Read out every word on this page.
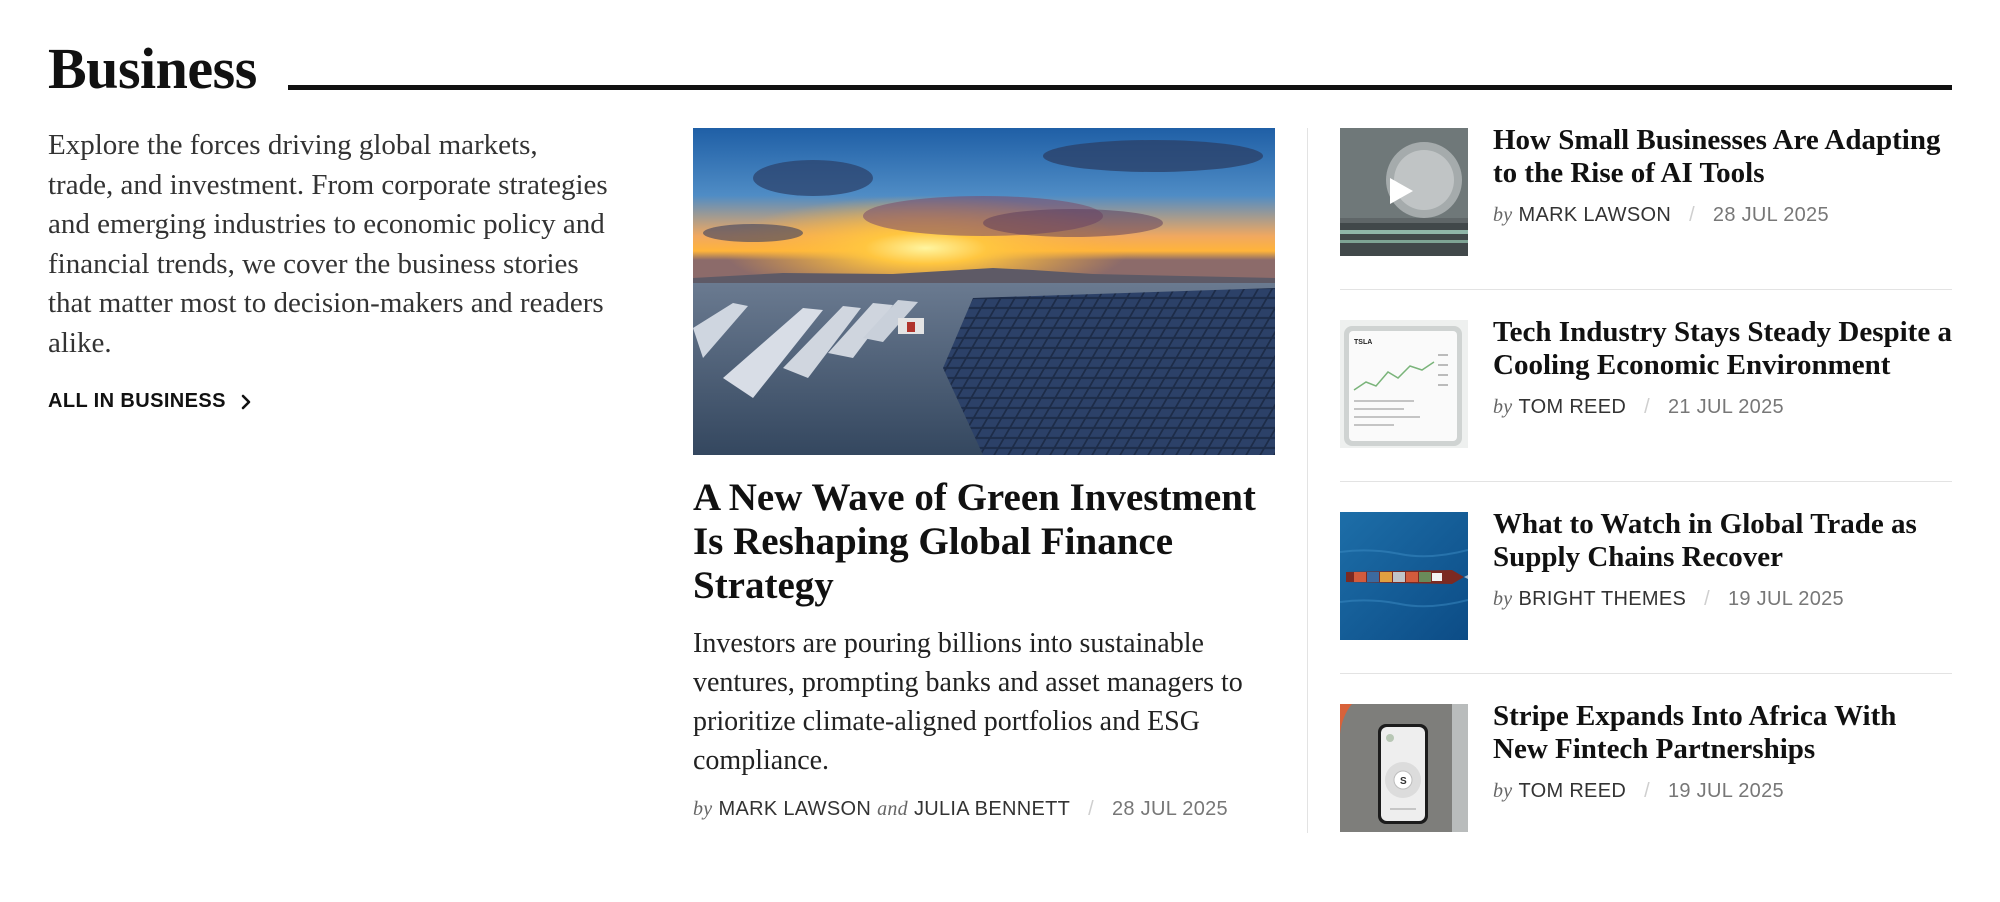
Business

Explore the forces driving global markets, trade, and investment. From corporate strategies and emerging industries to economic policy and financial trends, we cover the business stories that matter most to decision-makers and readers alike.

ALL IN BUSINESS
A New Wave of Green Investment Is Reshaping Global Finance Strategy

Investors are pouring billions into sustainable ventures, prompting banks and asset managers to prioritize climate-aligned portfolios and ESG compliance.

by MARK LAWSON and JULIA BENNETT / 28 JUL 2025
How Small Businesses Are Adapting to the Rise of AI Tools
by MARK LAWSON / 28 JUL 2025
TSLA	Tech Industry Stays Steady Despite a Cooling Economic Environment
by TOM REED / 21 JUL 2025
What to Watch in Global Trade as Supply Chains Recover
by BRIGHT THEMES / 19 JUL 2025
S
Stripe Expands Into Africa With New Fintech Partnerships
by TOM REED / 19 JUL 2025
